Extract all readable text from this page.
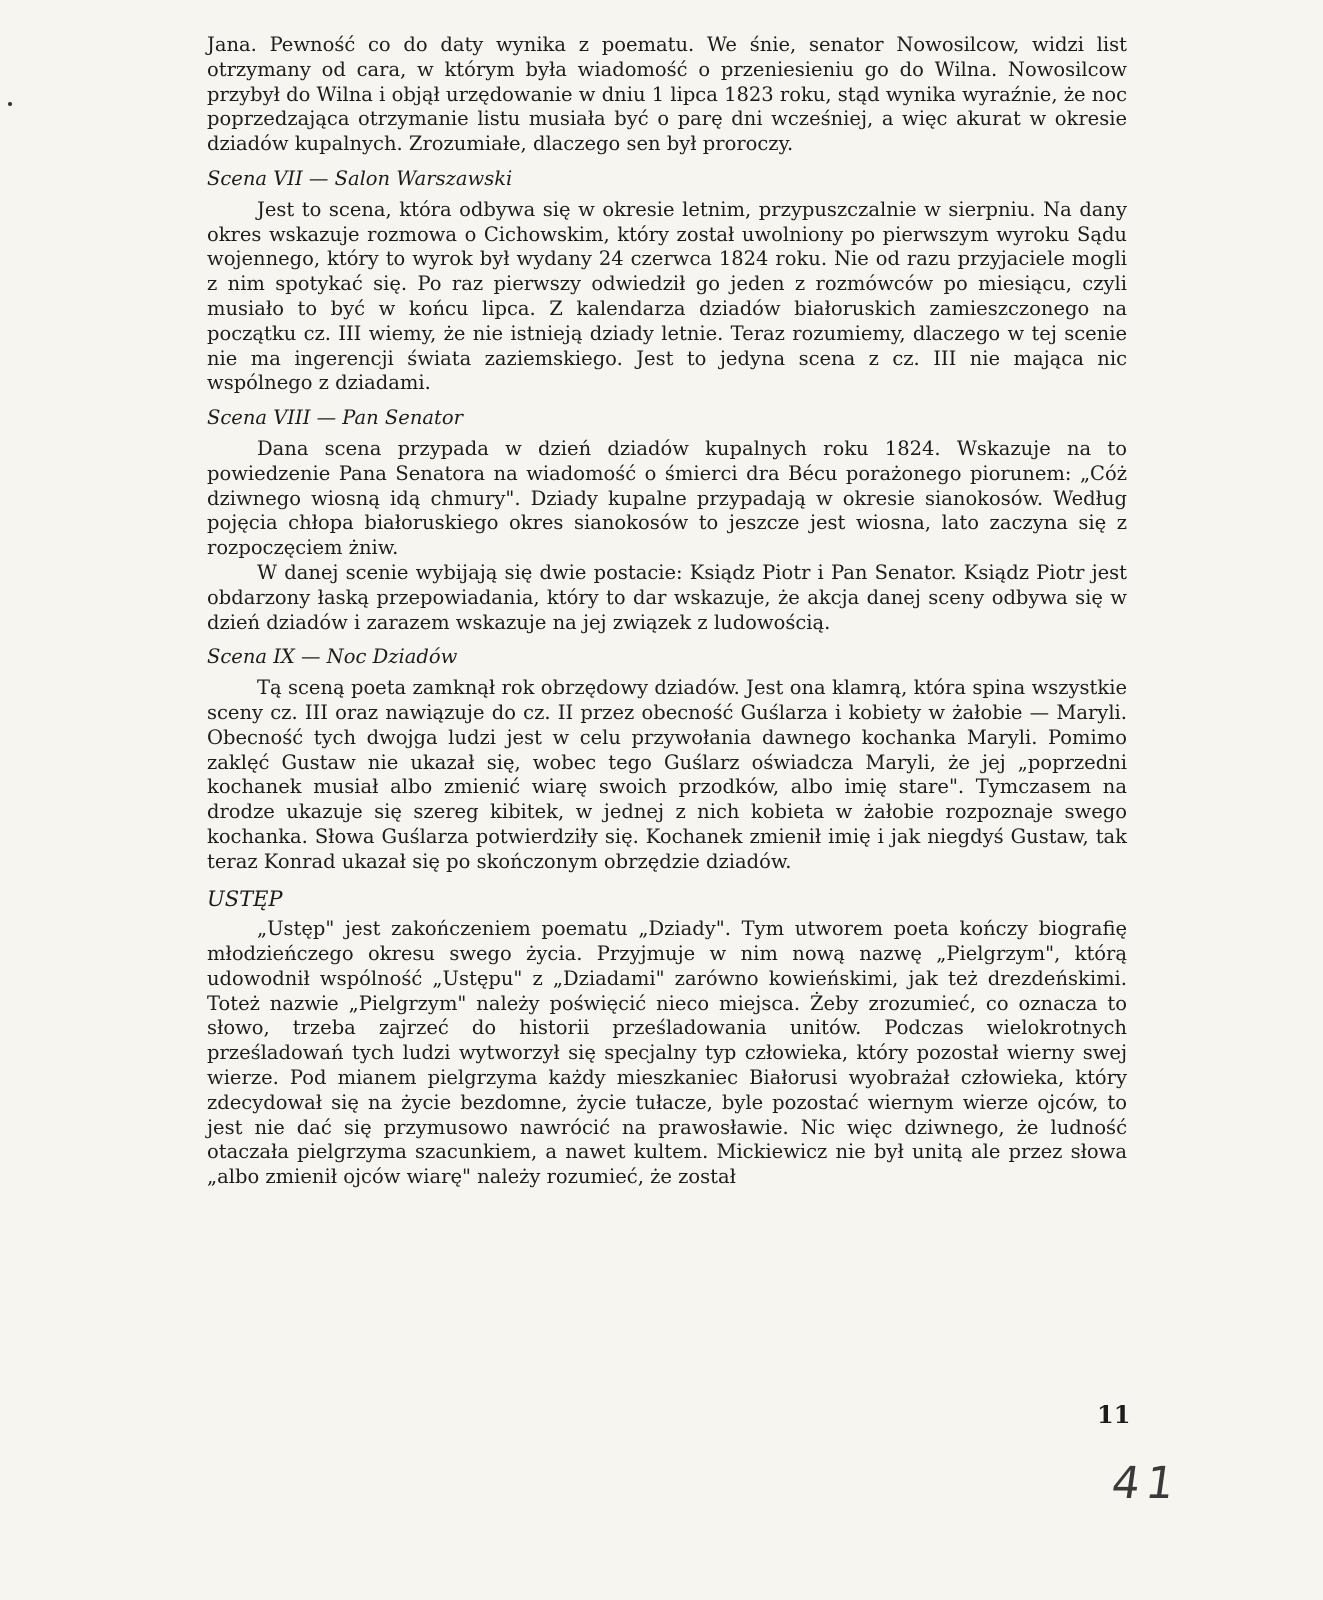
Jana. Pewność co do daty wynika z poematu. We śnie, senator Nowosilcow, widzi list otrzymany od cara, w którym była wiadomość o przeniesieniu go do Wilna. Nowosilcow przybył do Wilna i objął urzędowanie w dniu 1 lipca 1823 roku, stąd wynika wyraźnie, że noc poprzedzająca otrzymanie listu musiała być o parę dni wcześniej, a więc akurat w okresie dziadów kupalnych. Zrozumiałe, dlaczego sen był proroczy.

Scena VII — Salon Warszawski

Jest to scena, która odbywa się w okresie letnim, przypuszczalnie w sierpniu. Na dany okres wskazuje rozmowa o Cichowskim, który został uwolniony po pierwszym wyroku Sądu wojennego, który to wyrok był wydany 24 czerwca 1824 roku. Nie od razu przyjaciele mogli z nim spotykać się. Po raz pierwszy odwiedził go jeden z rozmówców po miesiącu, czyli musiało to być w końcu lipca. Z kalendarza dziadów białoruskich zamieszczonego na początku cz. III wiemy, że nie istnieją dziady letnie. Teraz rozumiemy, dlaczego w tej scenie nie ma ingerencji świata zaziemskiego. Jest to jedyna scena z cz. III nie mająca nic wspólnego z dziadami.

Scena VIII — Pan Senator

Dana scena przypada w dzień dziadów kupalnych roku 1824. Wskazuje na to powiedzenie Pana Senatora na wiadomość o śmierci dra Bécu porażonego piorunem: „Cóż dziwnego wiosną idą chmury". Dziady kupalne przypadają w okresie sianokosów. Według pojęcia chłopa białoruskiego okres sianokosów to jeszcze jest wiosna, lato zaczyna się z rozpoczęciem żniw.

W danej scenie wybijają się dwie postacie: Ksiądz Piotr i Pan Senator. Ksiądz Piotr jest obdarzony łaską przepowiadania, który to dar wskazuje, że akcja danej sceny odbywa się w dzień dziadów i zarazem wskazuje na jej związek z ludowością.

Scena IX — Noc Dziadów

Tą sceną poeta zamknął rok obrzędowy dziadów. Jest ona klamrą, która spina wszystkie sceny cz. III oraz nawiązuje do cz. II przez obecność Guślarza i kobiety w żałobie — Maryli. Obecność tych dwojga ludzi jest w celu przywołania dawnego kochanka Maryli. Pomimo zaklęć Gustaw nie ukazał się, wobec tego Guślarz oświadcza Maryli, że jej „poprzedni kochanek musiał albo zmienić wiarę swoich przodków, albo imię stare". Tymczasem na drodze ukazuje się szereg kibitek, w jednej z nich kobieta w żałobie rozpoznaje swego kochanka. Słowa Guślarza potwierdziły się. Kochanek zmienił imię i jak niegdyś Gustaw, tak teraz Konrad ukazał się po skończonym obrzędzie dziadów.

USTĘP

„Ustęp" jest zakończeniem poematu „Dziady". Tym utworem poeta kończy biografię młodzieńczego okresu swego życia. Przyjmuje w nim nową nazwę „Pielgrzym", którą udowodnił wspólność „Ustępu" z „Dziadami" zarówno kowieńskimi, jak też drezdeńskimi. Toteż nazwie „Pielgrzym" należy poświęcić nieco miejsca. Żeby zrozumieć, co oznacza to słowo, trzeba zajrzeć do historii prześladowania unitów. Podczas wielokrotnych prześladowań tych ludzi wytworzył się specjalny typ człowieka, który pozostał wierny swej wierze. Pod mianem pielgrzyma każdy mieszkaniec Białorusi wyobrażał człowieka, który zdecydował się na życie bezdomne, życie tułacze, byle pozostać wiernym wierze ojców, to jest nie dać się przymusowo nawrócić na prawosławie. Nic więc dziwnego, że ludność otaczała pielgrzyma szacunkiem, a nawet kultem. Mickiewicz nie był unitą ale przez słowa „albo zmienił ojców wiarę" należy rozumieć, że został

11
41
